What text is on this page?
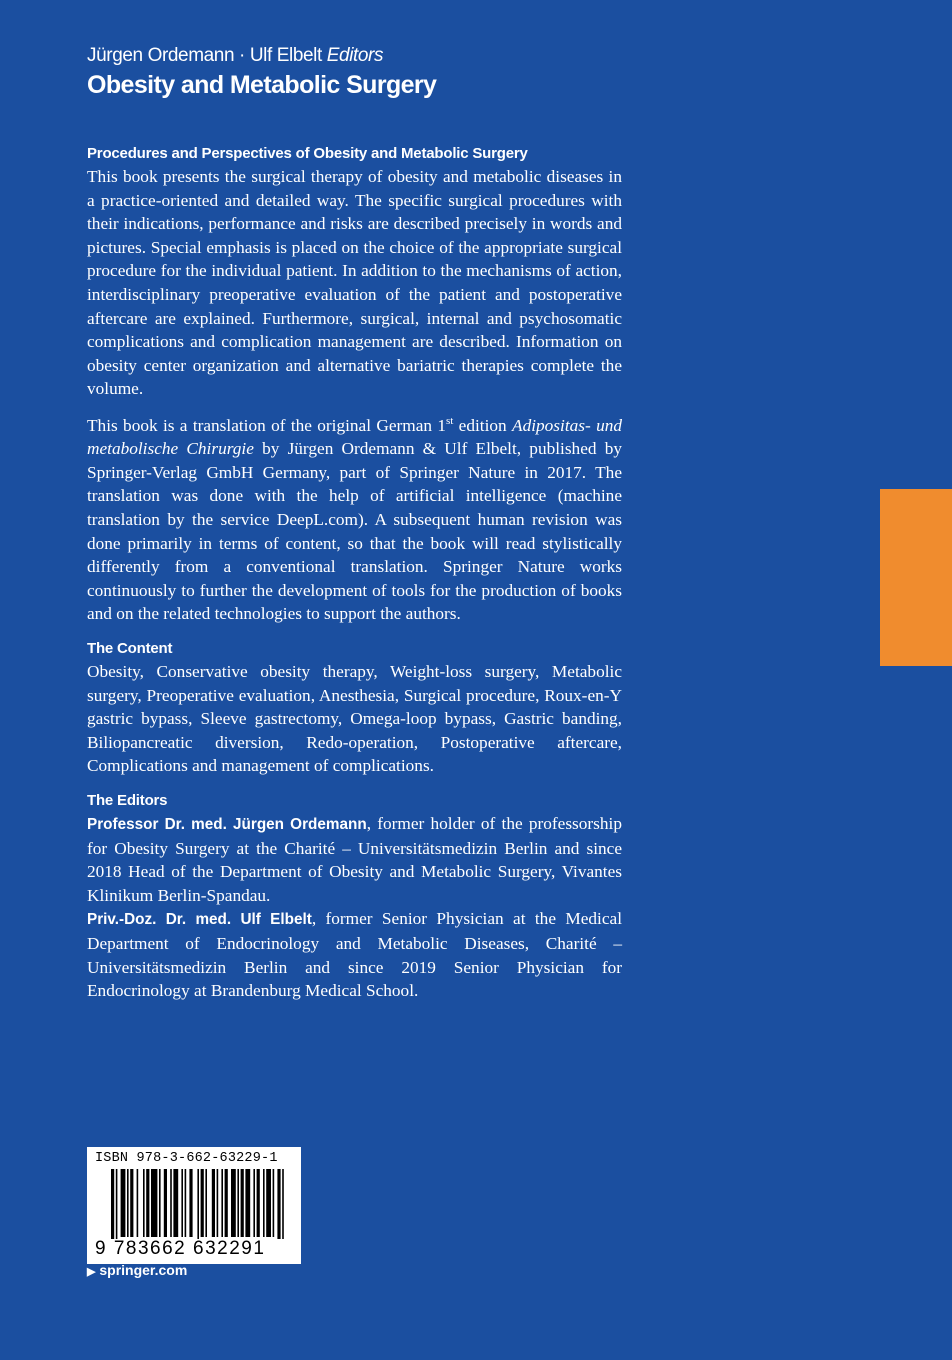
Jürgen Ordemann · Ulf Elbelt Editors
Obesity and Metabolic Surgery
Procedures and Perspectives of Obesity and Metabolic Surgery

This book presents the surgical therapy of obesity and metabolic diseases in a practice-oriented and detailed way. The specific surgical procedures with their indications, performance and risks are described precisely in words and pictures. Special emphasis is placed on the choice of the appropriate surgical procedure for the individual patient. In addition to the mechanisms of action, interdisciplinary preoperative evaluation of the patient and postoperative aftercare are explained. Furthermore, surgical, internal and psychosomatic complications and complication management are described. Information on obesity center organization and alternative bariatric therapies complete the volume.

This book is a translation of the original German 1st edition Adipositas- und metabolische Chirurgie by Jürgen Ordemann & Ulf Elbelt, published by Springer-Verlag GmbH Germany, part of Springer Nature in 2017. The translation was done with the help of artificial intelligence (machine translation by the service DeepL.com). A subsequent human revision was done primarily in terms of content, so that the book will read stylistically differently from a conventional translation. Springer Nature works continuously to further the development of tools for the production of books and on the related technologies to support the authors.

The Content

Obesity, Conservative obesity therapy, Weight-loss surgery, Metabolic surgery, Preoperative evaluation, Anesthesia, Surgical procedure, Roux-en-Y gastric bypass, Sleeve gastrectomy, Omega-loop bypass, Gastric banding, Biliopancreatic diversion, Redo-operation, Postoperative aftercare, Complications and management of complications.

The Editors

Professor Dr. med. Jürgen Ordemann, former holder of the professorship for Obesity Surgery at the Charité – Universitätsmedizin Berlin and since 2018 Head of the Department of Obesity and Metabolic Surgery, Vivantes Klinikum Berlin-Spandau.

Priv.-Doz. Dr. med. Ulf Elbelt, former Senior Physician at the Medical Department of Endocrinology and Metabolic Diseases, Charité – Universitätsmedizin Berlin and since 2019 Senior Physician for Endocrinology at Brandenburg Medical School.

ISBN 978-3-662-63229-1
9 783662 632291
▶ springer.com
